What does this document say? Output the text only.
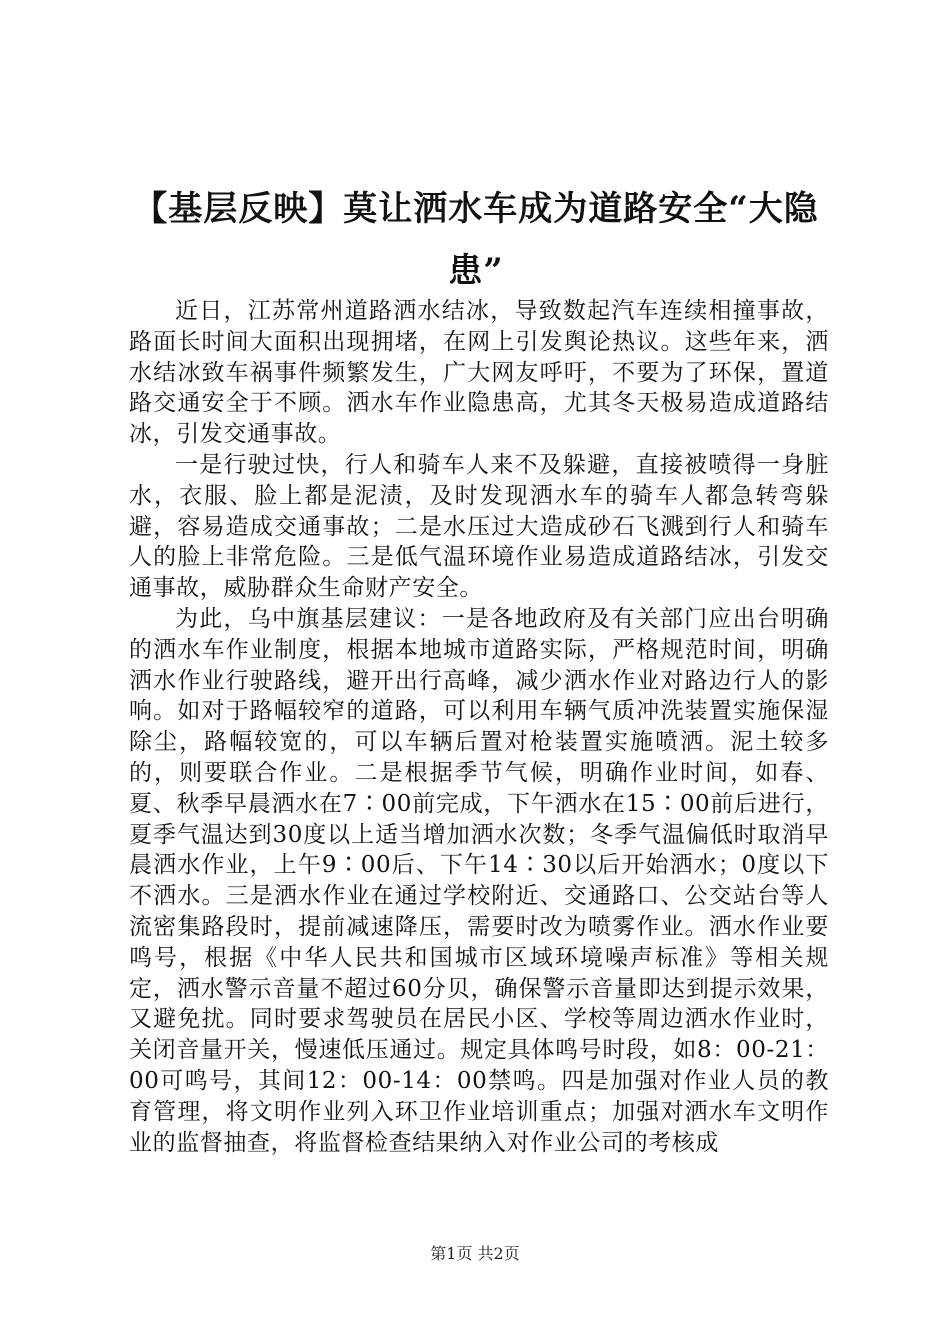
【基层反映】莫让洒水车成为道路安全“大隐患”

近日，江苏常州道路洒水结冰，导致数起汽车连续相撞事故，路面长时间大面积出现拥堵，在网上引发舆论热议。这些年来，洒水结冰致车祸事件频繁发生，广大网友呼吁，不要为了环保，置道路交通安全于不顾。洒水车作业隐患高，尤其冬天极易造成道路结冰，引发交通事故。

一是行驶过快，行人和骑车人来不及躲避，直接被喷得一身脏水，衣服、脸上都是泥渍，及时发现洒水车的骑车人都急转弯躲避，容易造成交通事故；二是水压过大造成砂石飞溅到行人和骑车人的脸上非常危险。三是低气温环境作业易造成道路结冰，引发交通事故，威胁群众生命财产安全。

为此，乌中旗基层建议：一是各地政府及有关部门应出台明确的洒水车作业制度，根据本地城市道路实际，严格规范时间，明确洒水作业行驶路线，避开出行高峰，减少洒水作业对路边行人的影响。如对于路幅较窄的道路，可以利用车辆气质冲洗装置实施保湿除尘，路幅较宽的，可以车辆后置对枪装置实施喷洒。泥土较多的，则要联合作业。二是根据季节气候，明确作业时间，如春、夏、秋季早晨洒水在7∶00前完成，下午洒水在15∶00前后进行，夏季气温达到30度以上适当增加洒水次数；冬季气温偏低时取消早晨洒水作业，上午9∶00后、下午14∶30以后开始洒水；0度以下不洒水。三是洒水作业在通过学校附近、交通路口、公交站台等人流密集路段时，提前减速降压，需要时改为喷雾作业。洒水作业要鸣号，根据《中华人民共和国城市区域环境噪声标准》等相关规定，洒水警示音量不超过60分贝，确保警示音量即达到提示效果，又避免扰。同时要求驾驶员在居民小区、学校等周边洒水作业时，关闭音量开关，慢速低压通过。规定具体鸣号时段，如8：00-21：00可鸣号，其间12：00-14：00禁鸣。四是加强对作业人员的教育管理，将文明作业列入环卫作业培训重点；加强对洒水车文明作业的监督抽查，将监督检查结果纳入对作业公司的考核成

第1页 共2页
